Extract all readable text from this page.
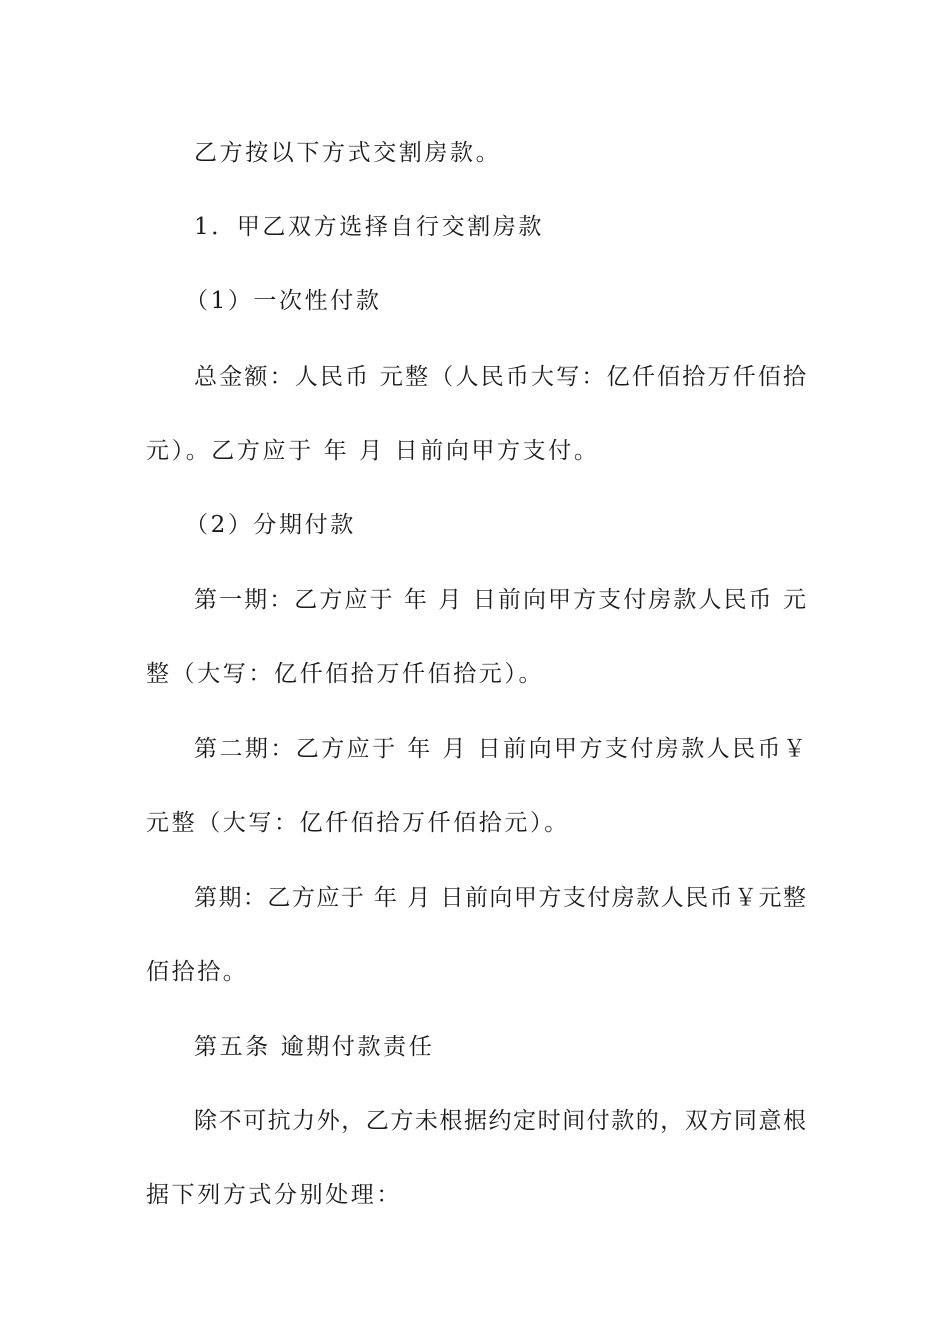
乙方按以下方式交割房款。
1．甲乙双方选择自行交割房款
（1）一次性付款
总金额：人民币 元整（人民币大写：亿仟佰拾万仟佰拾
元）。乙方应于 年 月 日前向甲方支付。
（2）分期付款
第一期：乙方应于 年 月 日前向甲方支付房款人民币 元
整（大写：亿仟佰拾万仟佰拾元）。
第二期：乙方应于 年 月 日前向甲方支付房款人民币￥
元整（大写：亿仟佰拾万仟佰拾元）。
第期：乙方应于 年 月 日前向甲方支付房款人民币￥元整
佰拾拾。
第五条 逾期付款责任
除不可抗力外，乙方未根据约定时间付款的，双方同意根
据下列方式分别处理：
